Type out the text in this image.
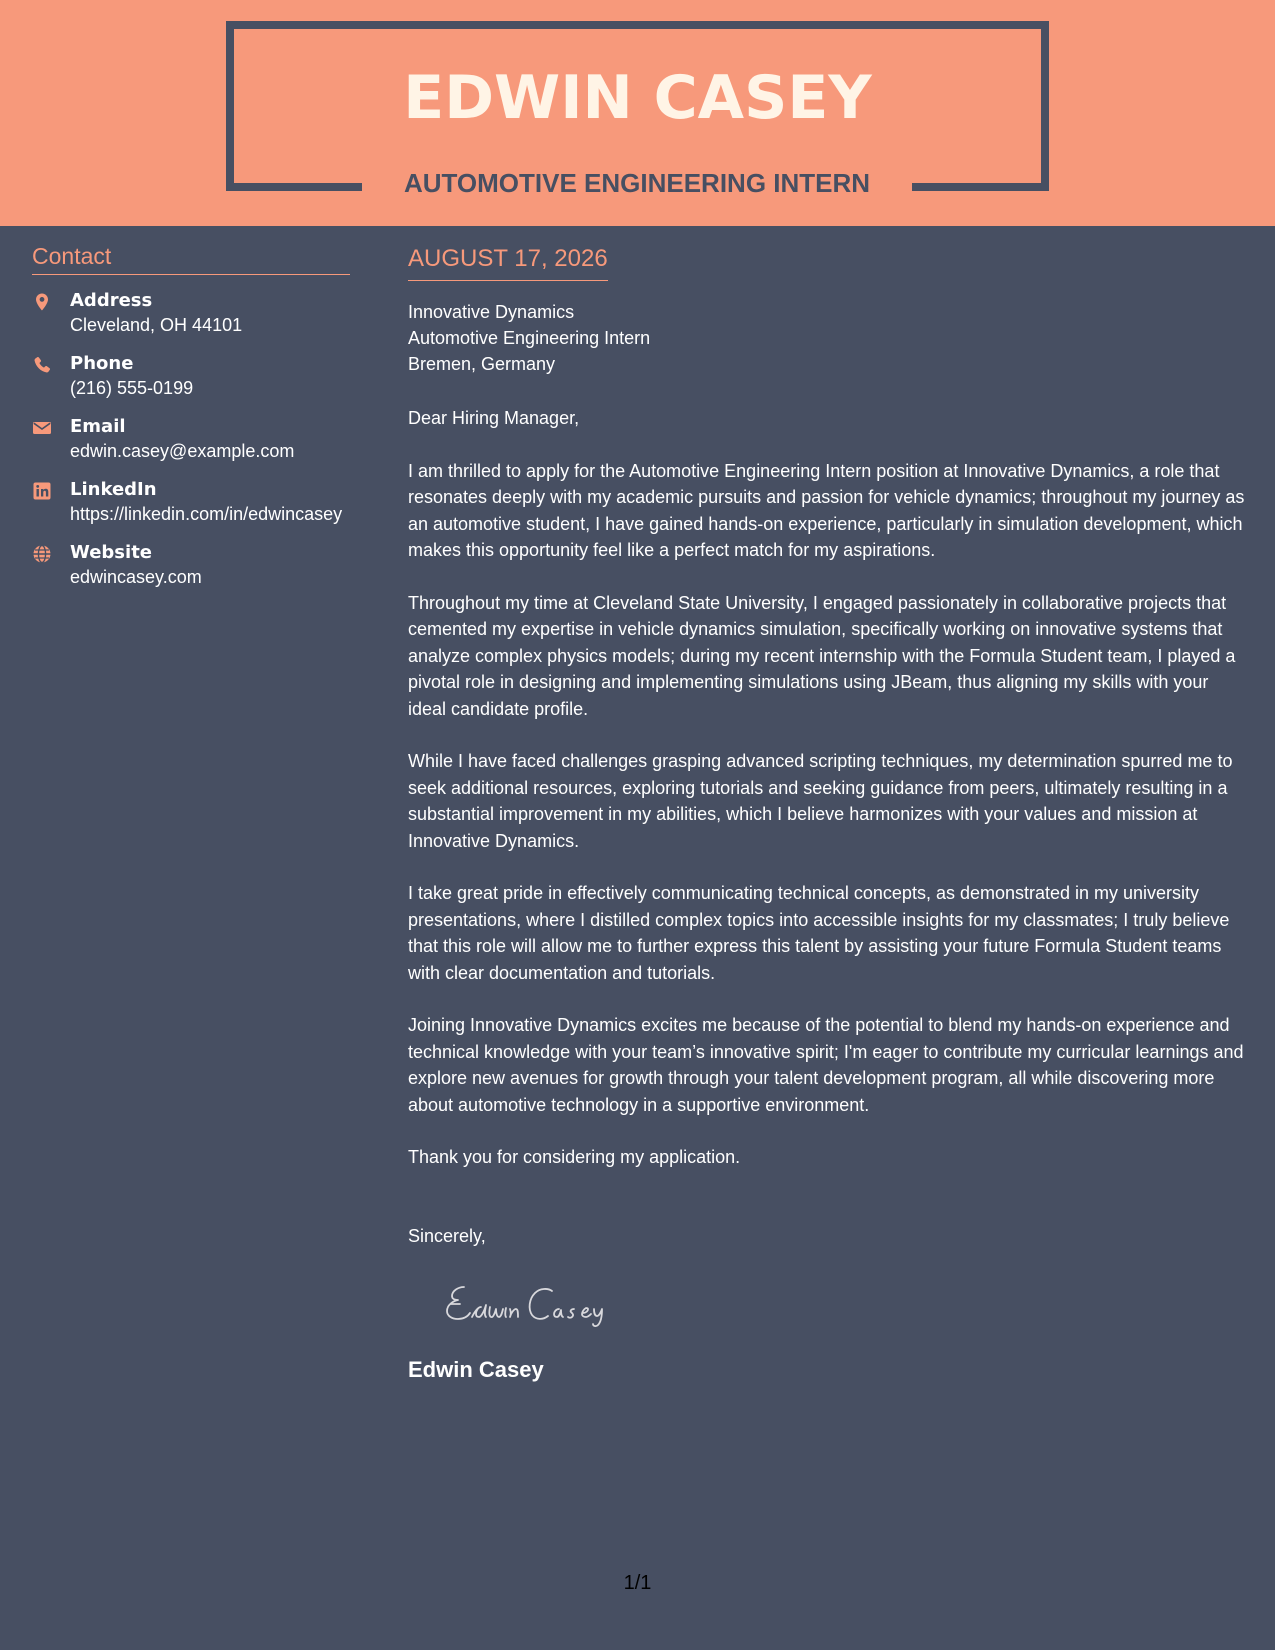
EDWIN CASEY
AUTOMOTIVE ENGINEERING INTERN
Contact
Address
Cleveland, OH 44101
Phone
(216) 555-0199
Email
edwin.casey@example.com
LinkedIn
https://linkedin.com/in/edwincasey
Website
edwincasey.com
AUGUST 17, 2026
Innovative Dynamics
Automotive Engineering Intern
Bremen, Germany

Dear Hiring Manager,

I am thrilled to apply for the Automotive Engineering Intern position at Innovative Dynamics, a role that resonates deeply with my academic pursuits and passion for vehicle dynamics; throughout my journey as an automotive student, I have gained hands-on experience, particularly in simulation development, which makes this opportunity feel like a perfect match for my aspirations.

Throughout my time at Cleveland State University, I engaged passionately in collaborative projects that cemented my expertise in vehicle dynamics simulation, specifically working on innovative systems that analyze complex physics models; during my recent internship with the Formula Student team, I played a pivotal role in designing and implementing simulations using JBeam, thus aligning my skills with your ideal candidate profile.

While I have faced challenges grasping advanced scripting techniques, my determination spurred me to seek additional resources, exploring tutorials and seeking guidance from peers, ultimately resulting in a substantial improvement in my abilities, which I believe harmonizes with your values and mission at Innovative Dynamics.

I take great pride in effectively communicating technical concepts, as demonstrated in my university presentations, where I distilled complex topics into accessible insights for my classmates; I truly believe that this role will allow me to further express this talent by assisting your future Formula Student teams with clear documentation and tutorials.

Joining Innovative Dynamics excites me because of the potential to blend my hands-on experience and technical knowledge with your team’s innovative spirit; I'm eager to contribute my curricular learnings and explore new avenues for growth through your talent development program, all while discovering more about automotive technology in a supportive environment.

Thank you for considering my application.

Sincerely,

Edwin Casey
1/1
